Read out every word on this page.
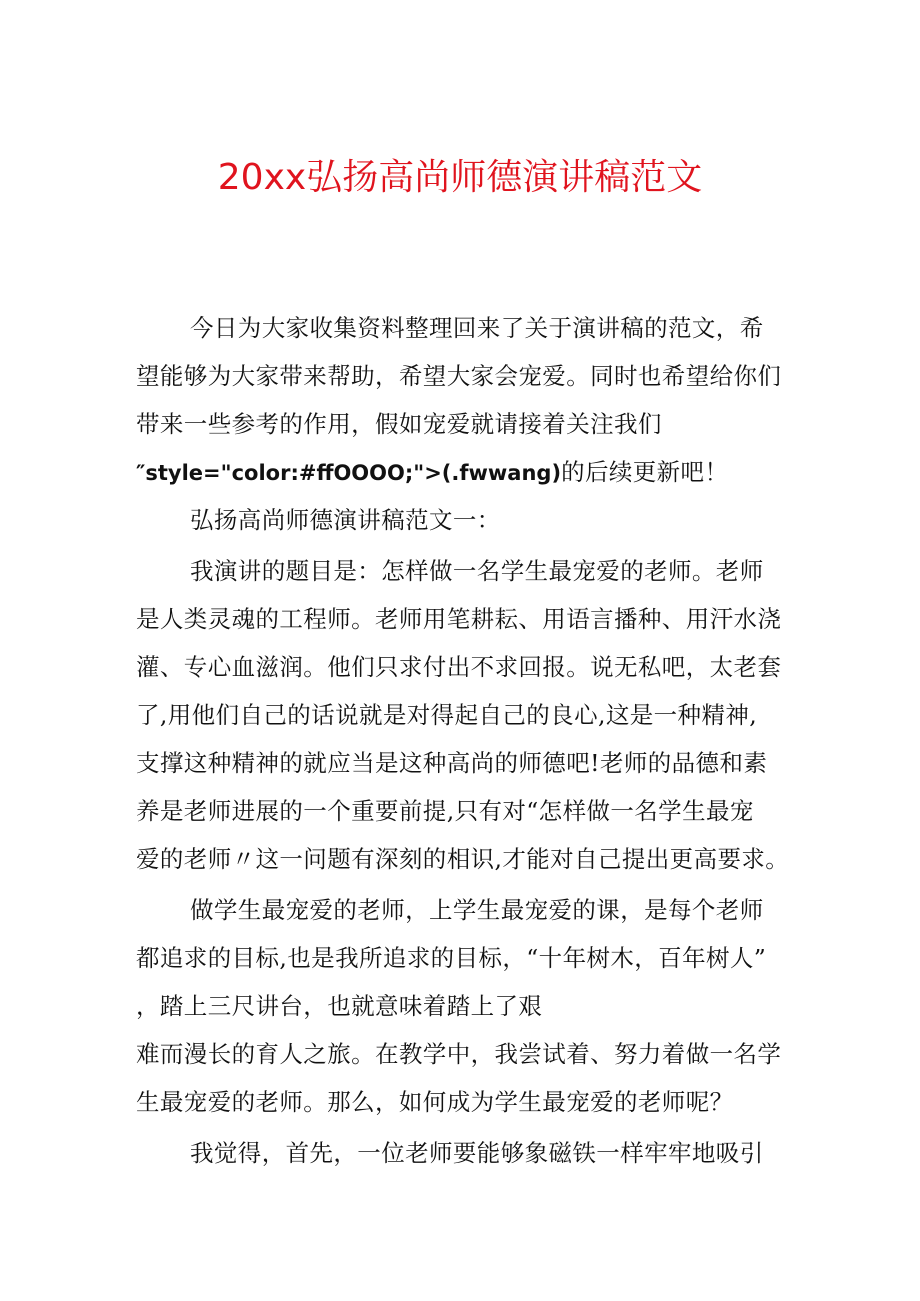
20xx弘扬高尚师德演讲稿范文
今日为大家收集资料整理回来了关于演讲稿的范文，希
望能够为大家带来帮助，希望大家会宠爱。同时也希望给你们
带来一些参考的作用，假如宠爱就请接着关注我们
″style="color:#ffOOOO;">(.fwwang)的后续更新吧！
弘扬高尚师德演讲稿范文一：
我演讲的题目是：怎样做一名学生最宠爱的老师。老师
是人类灵魂的工程师。老师用笔耕耘、用语言播种、用汗水浇
灌、专心血滋润。他们只求付出不求回报。说无私吧，太老套
了,用他们自己的话说就是对得起自己的良心,这是一种精神,
支撑这种精神的就应当是这种高尚的师德吧!老师的品德和素
养是老师进展的一个重要前提,只有对“怎样做一名学生最宠
爱的老师〃这一问题有深刻的相识,才能对自己提出更高要求。
做学生最宠爱的老师，上学生最宠爱的课，是每个老师
都追求的目标,也是我所追求的目标，“十年树木，百年树人”
，踏上三尺讲台，也就意味着踏上了艰
难而漫长的育人之旅。在教学中，我尝试着、努力着做一名学
生最宠爱的老师。那么，如何成为学生最宠爱的老师呢？
我觉得，首先，一位老师要能够象磁铁一样牢牢地吸引
